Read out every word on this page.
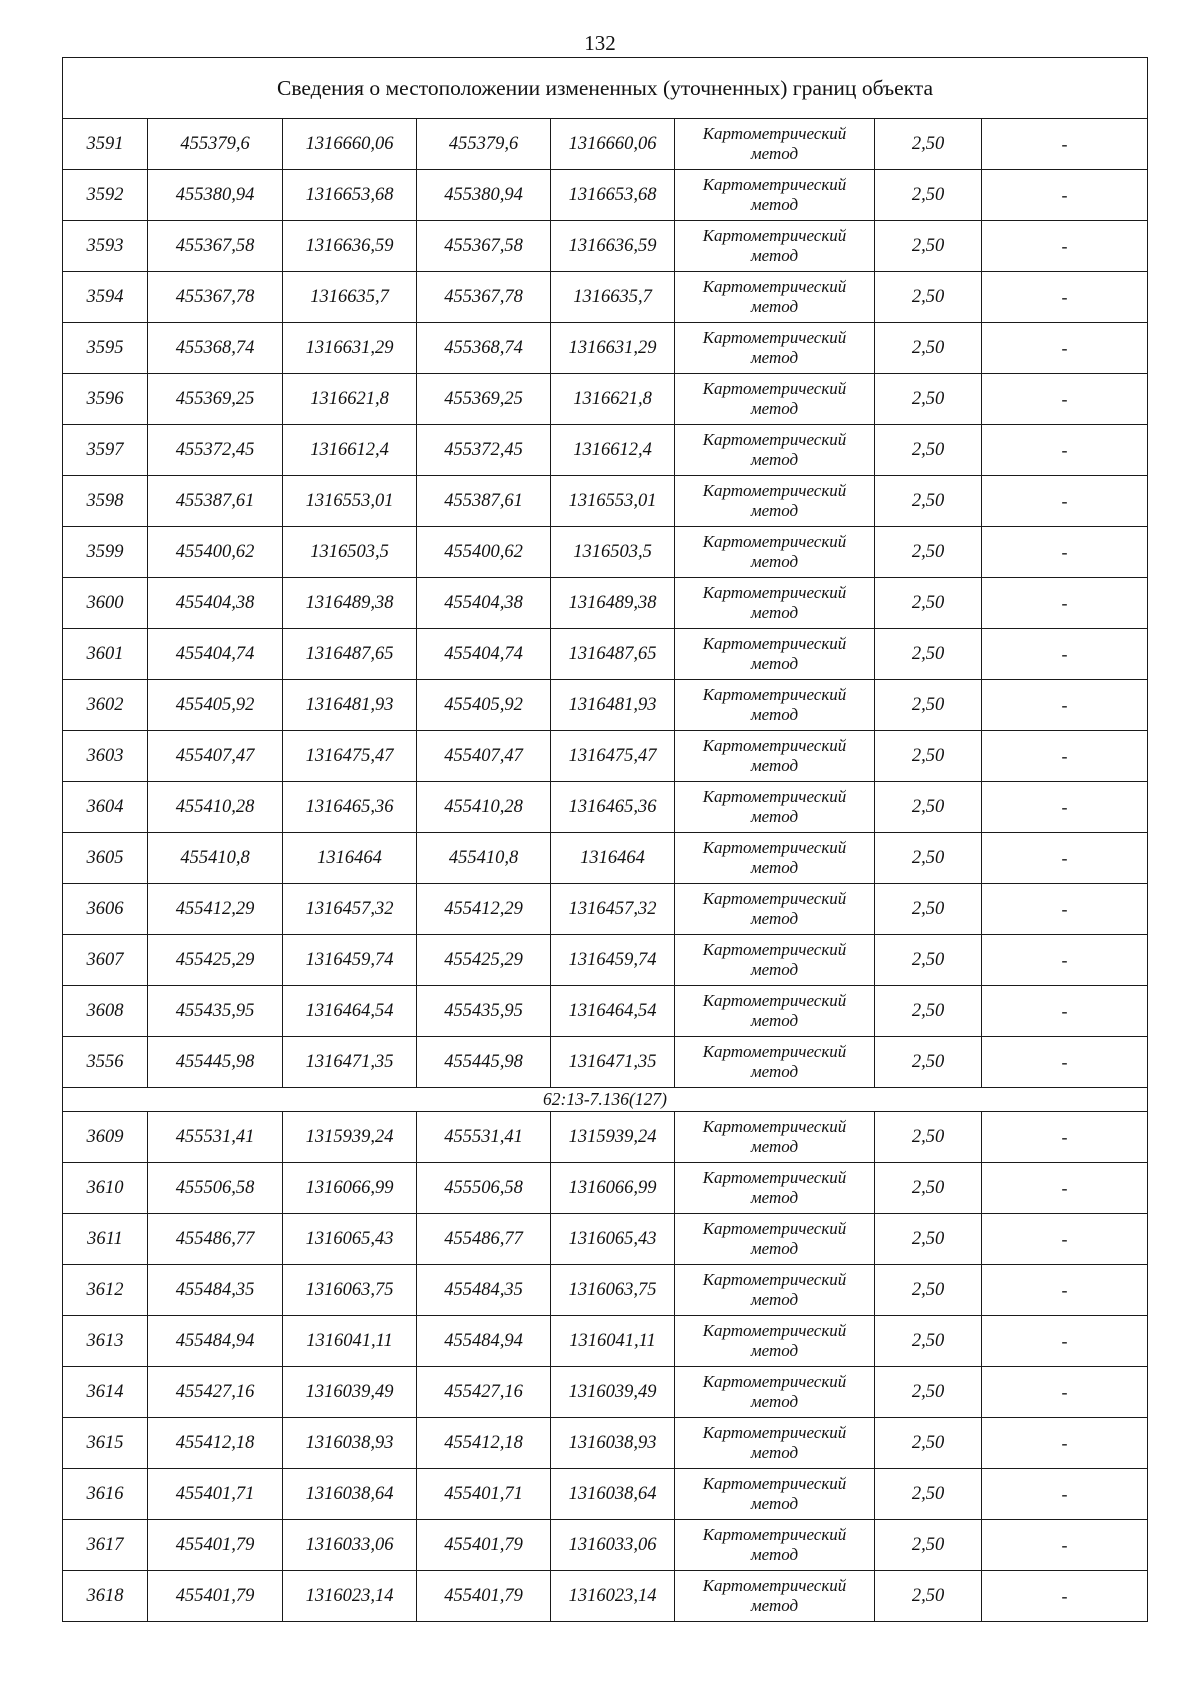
132
Сведения о местоположении измененных (уточненных) границ объекта							
3591	455379,6	1316660,06	455379,6	1316660,06	Картометрический
метод	2,50	-
3592	455380,94	1316653,68	455380,94	1316653,68	Картометрический
метод	2,50	-
3593	455367,58	1316636,59	455367,58	1316636,59	Картометрический
метод	2,50	-
3594	455367,78	1316635,7	455367,78	1316635,7	Картометрический
метод	2,50	-
3595	455368,74	1316631,29	455368,74	1316631,29	Картометрический
метод	2,50	-
3596	455369,25	1316621,8	455369,25	1316621,8	Картометрический
метод	2,50	-
3597	455372,45	1316612,4	455372,45	1316612,4	Картометрический
метод	2,50	-
3598	455387,61	1316553,01	455387,61	1316553,01	Картометрический
метод	2,50	-
3599	455400,62	1316503,5	455400,62	1316503,5	Картометрический
метод	2,50	-
3600	455404,38	1316489,38	455404,38	1316489,38	Картометрический
метод	2,50	-
3601	455404,74	1316487,65	455404,74	1316487,65	Картометрический
метод	2,50	-
3602	455405,92	1316481,93	455405,92	1316481,93	Картометрический
метод	2,50	-
3603	455407,47	1316475,47	455407,47	1316475,47	Картометрический
метод	2,50	-
3604	455410,28	1316465,36	455410,28	1316465,36	Картометрический
метод	2,50	-
3605	455410,8	1316464	455410,8	1316464	Картометрический
метод	2,50	-
3606	455412,29	1316457,32	455412,29	1316457,32	Картометрический
метод	2,50	-
3607	455425,29	1316459,74	455425,29	1316459,74	Картометрический
метод	2,50	-
3608	455435,95	1316464,54	455435,95	1316464,54	Картометрический
метод	2,50	-
3556	455445,98	1316471,35	455445,98	1316471,35	Картометрический
метод	2,50	-
62:13-7.136(127)							
3609	455531,41	1315939,24	455531,41	1315939,24	Картометрический
метод	2,50	-
3610	455506,58	1316066,99	455506,58	1316066,99	Картометрический
метод	2,50	-
3611	455486,77	1316065,43	455486,77	1316065,43	Картометрический
метод	2,50	-
3612	455484,35	1316063,75	455484,35	1316063,75	Картометрический
метод	2,50	-
3613	455484,94	1316041,11	455484,94	1316041,11	Картометрический
метод	2,50	-
3614	455427,16	1316039,49	455427,16	1316039,49	Картометрический
метод	2,50	-
3615	455412,18	1316038,93	455412,18	1316038,93	Картометрический
метод	2,50	-
3616	455401,71	1316038,64	455401,71	1316038,64	Картометрический
метод	2,50	-
3617	455401,79	1316033,06	455401,79	1316033,06	Картометрический
метод	2,50	-
3618	455401,79	1316023,14	455401,79	1316023,14	Картометрический
метод	2,50	-
